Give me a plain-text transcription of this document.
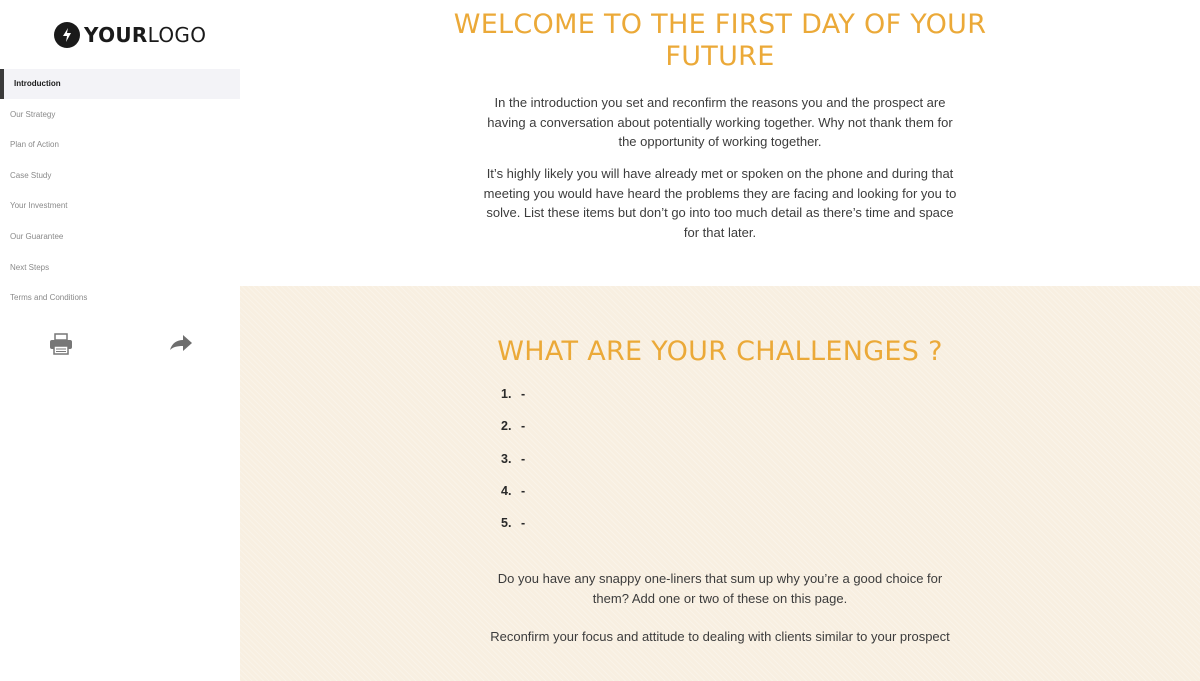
YOURLOGO
Introduction
Our Strategy
Plan of Action
Case Study
Your Investment
Our Guarantee
Next Steps
Terms and Conditions
WELCOME TO THE FIRST DAY OF YOUR FUTURE

In the introduction you set and reconfirm the reasons you and the prospect are having a conversation about potentially working together. Why not thank them for the opportunity of working together.

It’s highly likely you will have already met or spoken on the phone and during that meeting you would have heard the problems they are facing and looking for you to solve. List these items but don’t go into too much detail as there’s time and space for that later.

WHAT ARE YOUR CHALLENGES ?
1. -
2. -
3. -
4. -
5. -

Do you have any snappy one-liners that sum up why you’re a good choice for them? Add one or two of these on this page.

Reconfirm your focus and attitude to dealing with clients similar to your prospect
